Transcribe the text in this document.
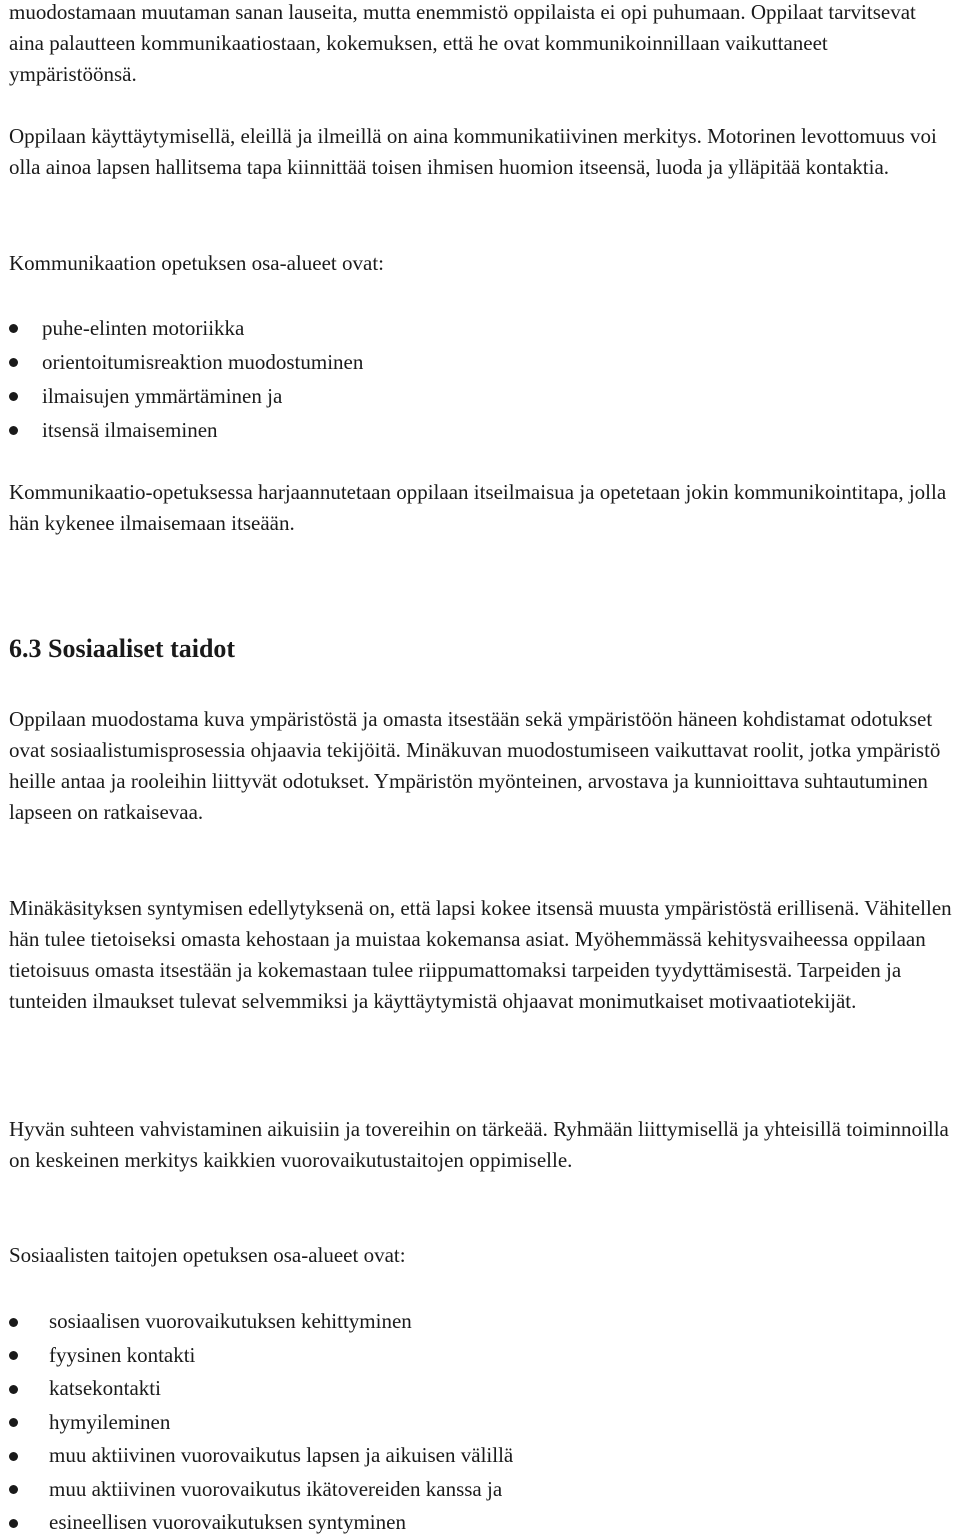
muodostamaan muutaman sanan lauseita, mutta enemmistö oppilaista ei opi puhumaan. Oppilaat tarvitsevat aina palautteen kommunikaatiostaan, kokemuksen, että he ovat kommunikoinnillaan vaikuttaneet ympäristöönsä.

Oppilaan käyttäytymisellä, eleillä ja ilmeillä on aina kommunikatiivinen merkitys. Motorinen levottomuus voi olla ainoa lapsen hallitsema tapa kiinnittää toisen ihmisen huomion itseensä, luoda ja ylläpitää kontaktia.

Kommunikaation opetuksen osa-alueet ovat:

puhe-elinten motoriikka
orientoitumisreaktion muodostuminen
ilmaisujen ymmärtäminen ja
itsensä ilmaiseminen

Kommunikaatio-opetuksessa harjaannutetaan oppilaan itseilmaisua ja opetetaan jokin kommunikointitapa, jolla hän kykenee ilmaisemaan itseään.

6.3 Sosiaaliset taidot

Oppilaan muodostama kuva ympäristöstä ja omasta itsestään sekä ympäristöön häneen kohdistamat odotukset ovat sosiaalistumisprosessia ohjaavia tekijöitä. Minäkuvan muodostumiseen vaikuttavat roolit, jotka ympäristö heille antaa ja rooleihin liittyvät odotukset. Ympäristön myönteinen, arvostava ja kunnioittava suhtautuminen lapseen on ratkaisevaa.

Minäkäsityksen syntymisen edellytyksenä on, että lapsi kokee itsensä muusta ympäristöstä erillisenä. Vähitellen hän tulee tietoiseksi omasta kehostaan ja muistaa kokemansa asiat. Myöhemmässä kehitysvaiheessa oppilaan tietoisuus omasta itsestään ja kokemastaan tulee riippumattomaksi tarpeiden tyydyttämisestä. Tarpeiden ja tunteiden ilmaukset tulevat selvemmiksi ja käyttäytymistä ohjaavat monimutkaiset motivaatiotekijät.

Hyvän suhteen vahvistaminen aikuisiin ja tovereihin on tärkeää. Ryhmään liittymisellä ja yhteisillä toiminnoilla on keskeinen merkitys kaikkien vuorovaikutustaitojen oppimiselle.

Sosiaalisten taitojen opetuksen osa-alueet ovat:

sosiaalisen vuorovaikutuksen kehittyminen
fyysinen kontakti
katsekontakti
hymyileminen
muu aktiivinen vuorovaikutus lapsen ja aikuisen välillä
muu aktiivinen vuorovaikutus ikätovereiden kanssa ja
esineellisen vuorovaikutuksen syntyminen
